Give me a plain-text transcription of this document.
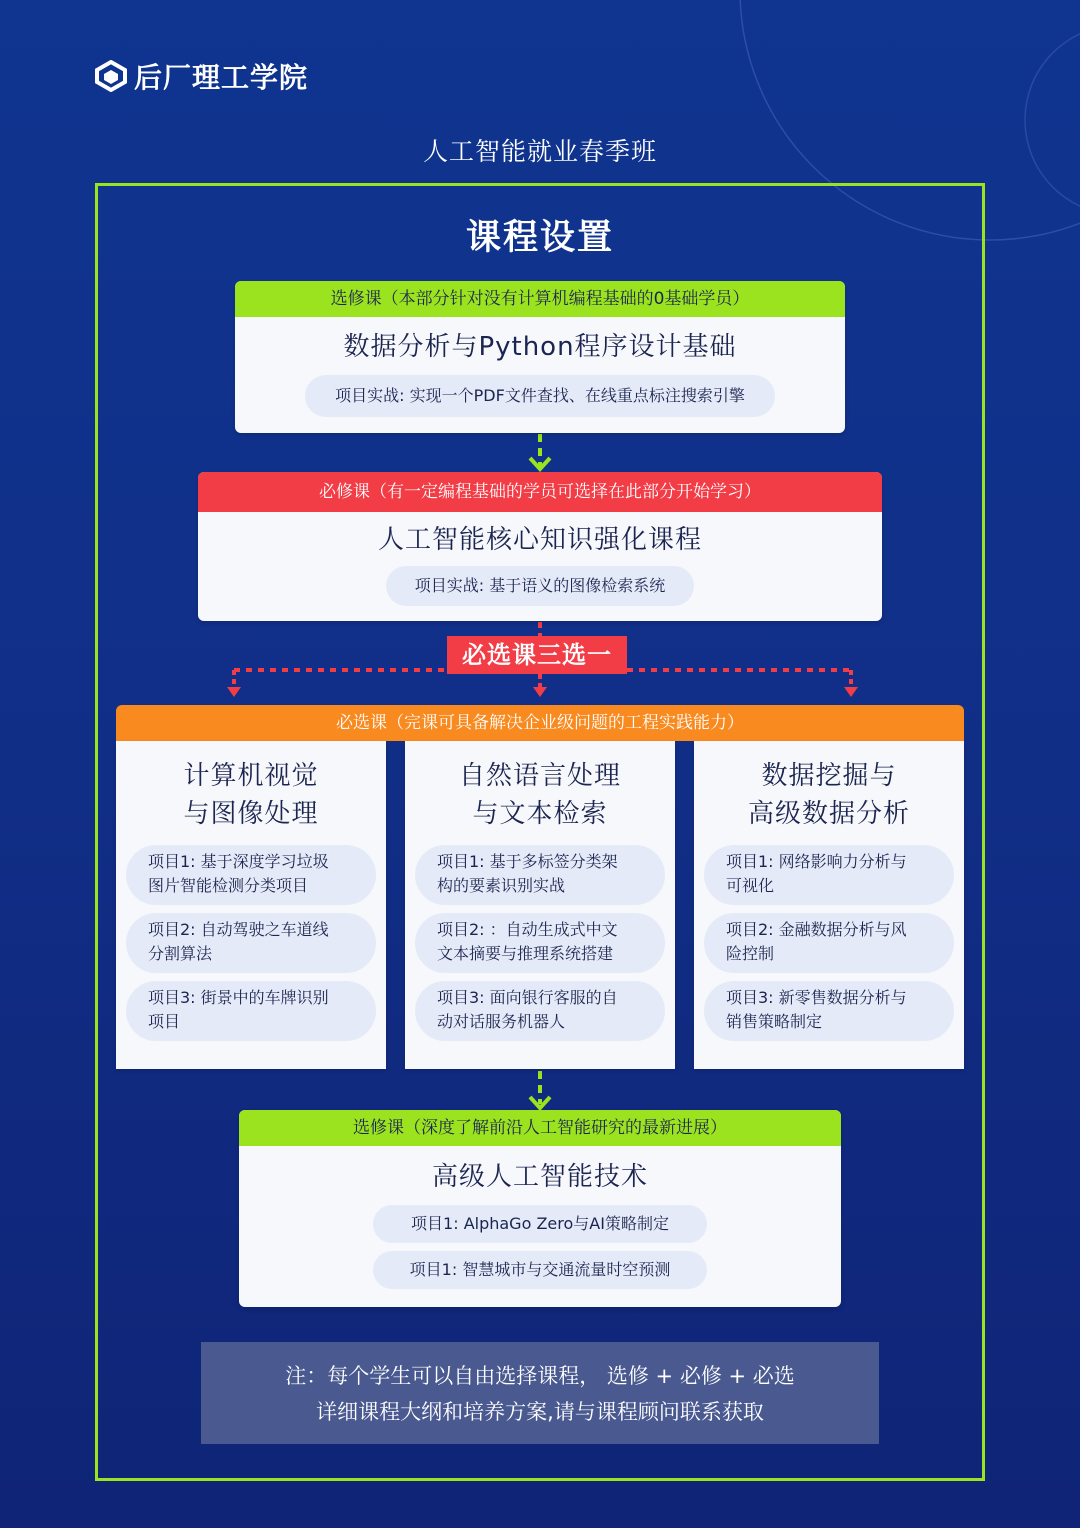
后厂理工学院
人工智能就业春季班
课程设置
选修课（本部分针对没有计算机编程基础的0基础学员）
数据分析与Python程序设计基础
项目实战: 实现一个PDF文件查找、在线重点标注搜索引擎
必修课（有一定编程基础的学员可选择在此部分开始学习）
人工智能核心知识强化课程
项目实战: 基于语义的图像检索系统
必选课三选一
必选课（完课可具备解决企业级问题的工程实践能力）
计算机视觉
与图像处理
项目1: 基于深度学习垃圾
图片智能检测分类项目
项目2: 自动驾驶之车道线
分割算法
项目3: 街景中的车牌识别
项目
自然语言处理
与文本检索
项目1: 基于多标签分类架
构的要素识别实战
项目2: ：自动生成式中文
文本摘要与推理系统搭建
项目3: 面向银行客服的自
动对话服务机器人
数据挖掘与
高级数据分析
项目1: 网络影响力分析与
可视化
项目2: 金融数据分析与风
险控制
项目3: 新零售数据分析与
销售策略制定
选修课（深度了解前沿人工智能研究的最新进展）
高级人工智能技术
项目1: AlphaGo Zero与AI策略制定
项目1: 智慧城市与交通流量时空预测
注：每个学生可以自由选择课程， 选修 + 必修 + 必选
详细课程大纲和培养方案,请与课程顾问联系获取
